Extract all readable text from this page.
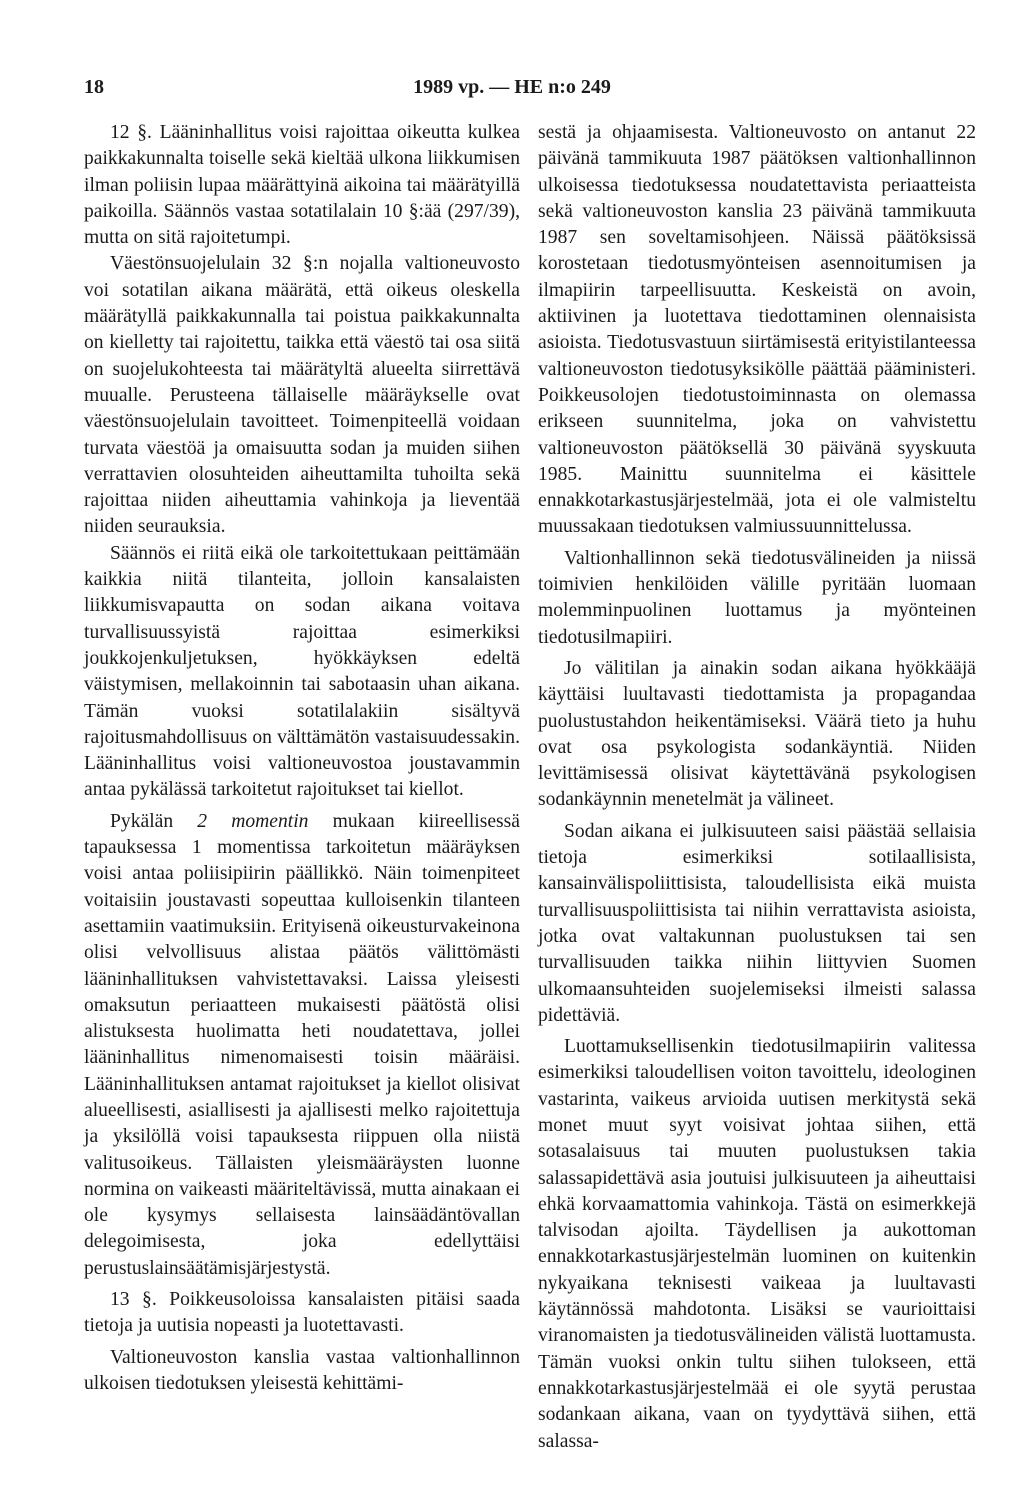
18	1989 vp. — HE n:o 249

12 §. Lääninhallitus voisi rajoittaa oikeutta kulkea paikkakunnalta toiselle sekä kieltää ulkona liikkumisen ilman poliisin lupaa määrättyinä aikoina tai määrätyillä paikoilla. Säännös vastaa sotatilalain 10 §:ää (297/39), mutta on sitä rajoitetumpi.

Väestönsuojelulain 32 §:n nojalla valtioneuvosto voi sotatilan aikana määrätä, että oikeus oleskella määrätyllä paikkakunnalla tai poistua paikkakunnalta on kielletty tai rajoitettu, taikka että väestö tai osa siitä on suojelukohteesta tai määrätyltä alueelta siirrettävä muualle. Perusteena tällaiselle määräykselle ovat väestönsuojelulain tavoitteet. Toimenpiteellä voidaan turvata väestöä ja omaisuutta sodan ja muiden siihen verrattavien olosuhteiden aiheuttamilta tuhoilta sekä rajoittaa niiden aiheuttamia vahinkoja ja lieventää niiden seurauksia.

Säännös ei riitä eikä ole tarkoitettukaan peittämään kaikkia niitä tilanteita, jolloin kansalaisten liikkumisvapautta on sodan aikana voitava turvallisuussyistä rajoittaa esimerkiksi joukkojenkuljetuksen, hyökkäyksen edeltä väistymisen, mellakoinnin tai sabotaasin uhan aikana. Tämän vuoksi sotatilalakiin sisältyvä rajoitusmahdollisuus on välttämätön vastaisuudessakin. Lääninhallitus voisi valtioneuvostoa joustavammin antaa pykälässä tarkoitetut rajoitukset tai kiellot.

Pykälän 2 momentin mukaan kiireellisessä tapauksessa 1 momentissa tarkoitetun määräyksen voisi antaa poliisipiirin päällikkö. Näin toimenpiteet voitaisiin joustavasti sopeuttaa kulloisenkin tilanteen asettamiin vaatimuksiin. Erityisenä oikeusturvakeinona olisi velvollisuus alistaa päätös välittömästi lääninhallituksen vahvistettavaksi. Laissa yleisesti omaksutun periaatteen mukaisesti päätöstä olisi alistuksesta huolimatta heti noudatettava, jollei lääninhallitus nimenomaisesti toisin määräisi. Lääninhallituksen antamat rajoitukset ja kiellot olisivat alueellisesti, asiallisesti ja ajallisesti melko rajoitettuja ja yksilöllä voisi tapauksesta riippuen olla niistä valitusoikeus. Tällaisten yleismääräysten luonne normina on vaikeasti määriteltävissä, mutta ainakaan ei ole kysymys sellaisesta lainsäädäntövallan delegoimisesta, joka edellyttäisi perustuslainsäätämisjärjestystä.

13 §. Poikkeusoloissa kansalaisten pitäisi saada tietoja ja uutisia nopeasti ja luotettavasti.

Valtioneuvoston kanslia vastaa valtionhallinnon ulkoisen tiedotuksen yleisestä kehittämi-

sestä ja ohjaamisesta. Valtioneuvosto on antanut 22 päivänä tammikuuta 1987 päätöksen valtionhallinnon ulkoisessa tiedotuksessa noudatettavista periaatteista sekä valtioneuvoston kanslia 23 päivänä tammikuuta 1987 sen soveltamisohjeen. Näissä päätöksissä korostetaan tiedotusmyönteisen asennoitumisen ja ilmapiirin tarpeellisuutta. Keskeistä on avoin, aktiivinen ja luotettava tiedottaminen olennaisista asioista. Tiedotusvastuun siirtämisestä erityistilanteessa valtioneuvoston tiedotusyksikölle päättää pääministeri. Poikkeusolojen tiedotustoiminnasta on olemassa erikseen suunnitelma, joka on vahvistettu valtioneuvoston päätöksellä 30 päivänä syyskuuta 1985. Mainittu suunnitelma ei käsittele ennakkotarkastusjärjestelmää, jota ei ole valmisteltu muussakaan tiedotuksen valmiussuunnittelussa.

Valtionhallinnon sekä tiedotusvälineiden ja niissä toimivien henkilöiden välille pyritään luomaan molemminpuolinen luottamus ja myönteinen tiedotusilmapiiri.

Jo välitilan ja ainakin sodan aikana hyökkääjä käyttäisi luultavasti tiedottamista ja propagandaa puolustustahdon heikentämiseksi. Väärä tieto ja huhu ovat osa psykologista sodankäyntiä. Niiden levittämisessä olisivat käytettävänä psykologisen sodankäynnin menetelmät ja välineet.

Sodan aikana ei julkisuuteen saisi päästää sellaisia tietoja esimerkiksi sotilaallisista, kansainvälispoliittisista, taloudellisista eikä muista turvallisuuspoliittisista tai niihin verrattavista asioista, jotka ovat valtakunnan puolustuksen tai sen turvallisuuden taikka niihin liittyvien Suomen ulkomaansuhteiden suojelemiseksi ilmeisti salassa pidettäviä.

Luottamuksellisenkin tiedotusilmapiirin valitessa esimerkiksi taloudellisen voiton tavoittelu, ideologinen vastarinta, vaikeus arvioida uutisen merkitystä sekä monet muut syyt voisivat johtaa siihen, että sotasalaisuus tai muuten puolustuksen takia salassapidettävä asia joutuisi julkisuuteen ja aiheuttaisi ehkä korvaamattomia vahinkoja. Tästä on esimerkkejä talvisodan ajoilta. Täydellisen ja aukottoman ennakkotarkastusjärjestelmän luominen on kuitenkin nykyaikana teknisesti vaikeaa ja luultavasti käytännössä mahdotonta. Lisäksi se vaurioittaisi viranomaisten ja tiedotusvälineiden välistä luottamusta. Tämän vuoksi onkin tultu siihen tulokseen, että ennakkotarkastusjärjestelmää ei ole syytä perustaa sodankaan aikana, vaan on tyydyttävä siihen, että salassa-
